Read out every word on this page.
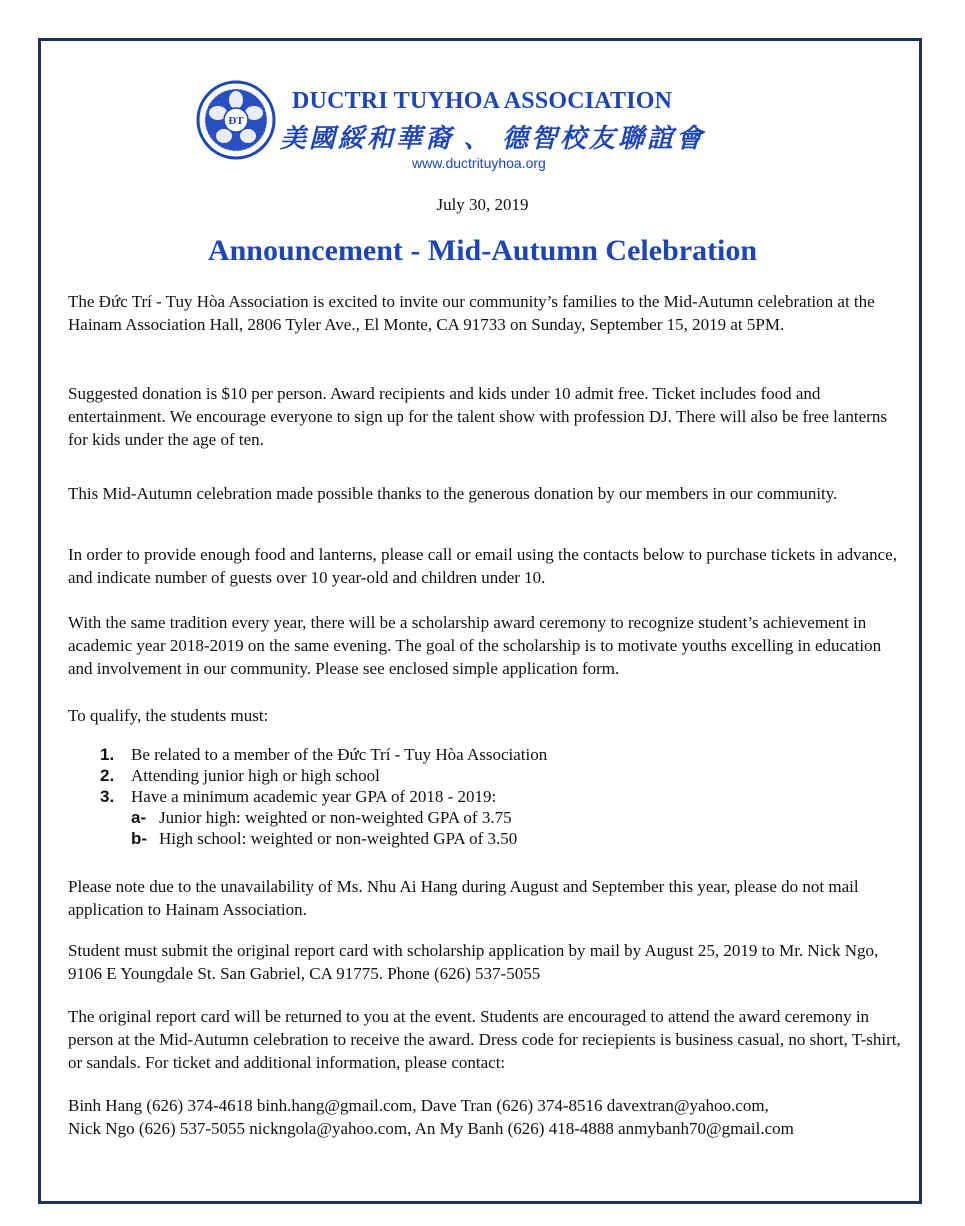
ĐT
DUCTRI TUYHOA ASSOCIATION
美國綏和華裔 、 德智校友聯誼會
www.ductrituyhoa.org
July 30, 2019
Announcement - Mid-Autumn Celebration

The Đức Trí - Tuy Hòa Association is excited to invite our community’s families to the Mid-Autumn celebration at the Hainam Association Hall, 2806 Tyler Ave., El Monte, CA 91733 on Sunday, September 15, 2019 at 5PM.

Suggested donation is $10 per person. Award recipients and kids under 10 admit free. Ticket includes food and entertainment. We encourage everyone to sign up for the talent show with profession DJ. There will also be free lanterns for kids under the age of ten.

This Mid-Autumn celebration made possible thanks to the generous donation by our members in our community.

In order to provide enough food and lanterns, please call or email using the contacts below to purchase tickets in advance, and indicate number of guests over 10 year-old and children under 10.

With the same tradition every year, there will be a scholarship award ceremony to recognize student’s achievement in academic year 2018-2019 on the same evening. The goal of the scholarship is to motivate youths excelling in education and involvement in our community. Please see enclosed simple application form.

To qualify, the students must:

1. Be related to a member of the Đức Trí - Tuy Hòa Association
2. Attending junior high or high school
3. Have a minimum academic year GPA of 2018 - 2019:
a- Junior high: weighted or non-weighted GPA of 3.75
b- High school: weighted or non-weighted GPA of 3.50

Please note due to the unavailability of Ms. Nhu Ai Hang during August and September this year, please do not mail application to Hainam Association.

Student must submit the original report card with scholarship application by mail by August 25, 2019 to Mr. Nick Ngo, 9106 E Youngdale St. San Gabriel, CA 91775. Phone (626) 537-5055

The original report card will be returned to you at the event. Students are encouraged to attend the award ceremony in person at the Mid-Autumn celebration to receive the award. Dress code for reciepients is business casual, no short, T-shirt, or sandals. For ticket and additional information, please contact:

Binh Hang (626) 374-4618 binh.hang@gmail.com, Dave Tran (626) 374-8516 davextran@yahoo.com,

Nick Ngo (626) 537-5055 nickngola@yahoo.com, An My Banh (626) 418-4888 anmybanh70@gmail.com
